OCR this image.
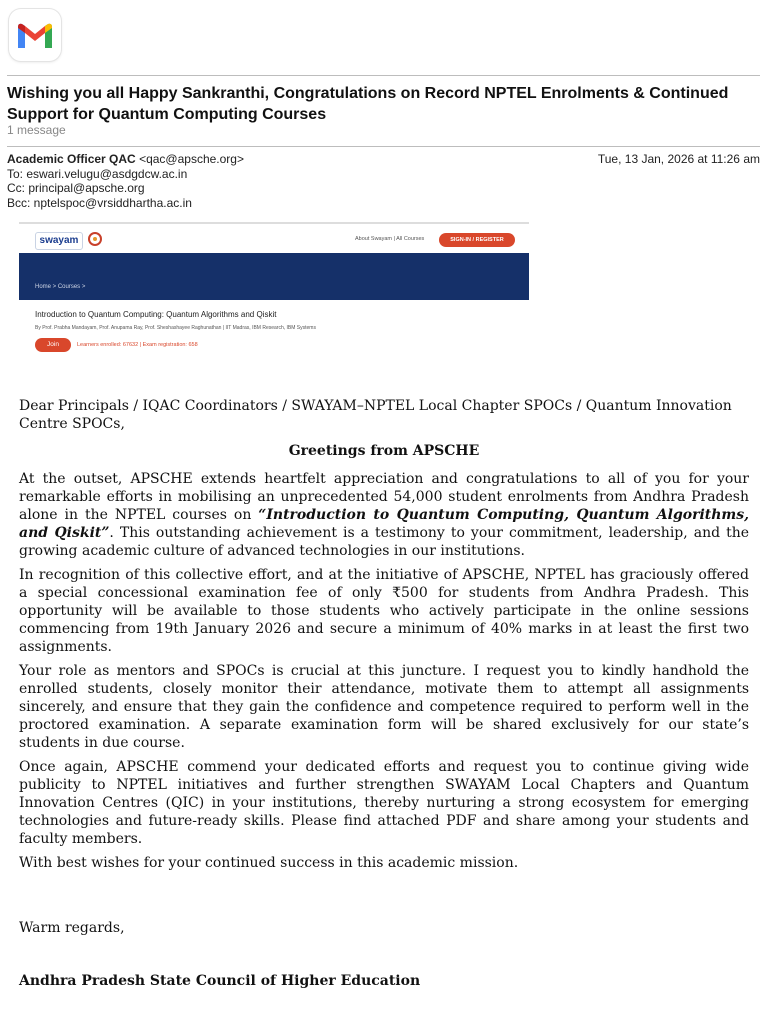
Wishing you all Happy Sankranthi, Congratulations on Record NPTEL Enrolments & Continued Support for Quantum Computing Courses
1 message
Academic Officer QAC <qac@apsche.org>
To: eswari.velugu@asdgdcw.ac.in
Cc: principal@apsche.org
Bcc: nptelspoc@vrsiddhartha.ac.in
Tue, 13 Jan, 2026 at 11:26 am
swayam	About Swayam | All Courses	SIGN-IN / REGISTER
Home > Courses >
Introduction to Quantum Computing: Quantum Algorithms and Qiskit
By Prof. Prabha Mandayam, Prof. Anupama Ray, Prof. Sheshashayee Raghunathan | IIT Madras, IBM Research, IBM Systems
Join	Learners enrolled: 67632 | Exam registration: 658

Dear Principals / IQAC Coordinators / SWAYAM–NPTEL Local Chapter SPOCs / Quantum Innovation Centre SPOCs,

Greetings from APSCHE

At the outset, APSCHE extends heartfelt appreciation and congratulations to all of you for your remarkable efforts in mobilising an unprecedented 54,000 student enrolments from Andhra Pradesh alone in the NPTEL courses on “Introduction to Quantum Computing, Quantum Algorithms, and Qiskit”. This outstanding achievement is a testimony to your commitment, leadership, and the growing academic culture of advanced technologies in our institutions.

In recognition of this collective effort, and at the initiative of APSCHE, NPTEL has graciously offered a special concessional examination fee of only ₹500 for students from Andhra Pradesh. This opportunity will be available to those students who actively participate in the online sessions commencing from 19th January 2026 and secure a minimum of 40% marks in at least the first two assignments.

Your role as mentors and SPOCs is crucial at this juncture. I request you to kindly handhold the enrolled students, closely monitor their attendance, motivate them to attempt all assignments sincerely, and ensure that they gain the confidence and competence required to perform well in the proctored examination. A separate examination form will be shared exclusively for our state’s students in due course.

Once again, APSCHE commend your dedicated efforts and request you to continue giving wide publicity to NPTEL initiatives and further strengthen SWAYAM Local Chapters and Quantum Innovation Centres (QIC) in your institutions, thereby nurturing a strong ecosystem for emerging technologies and future-ready skills. Please find attached PDF and share among your students and faculty members.

With best wishes for your continued success in this academic mission.

Warm regards,

Andhra Pradesh State Council of Higher Education
